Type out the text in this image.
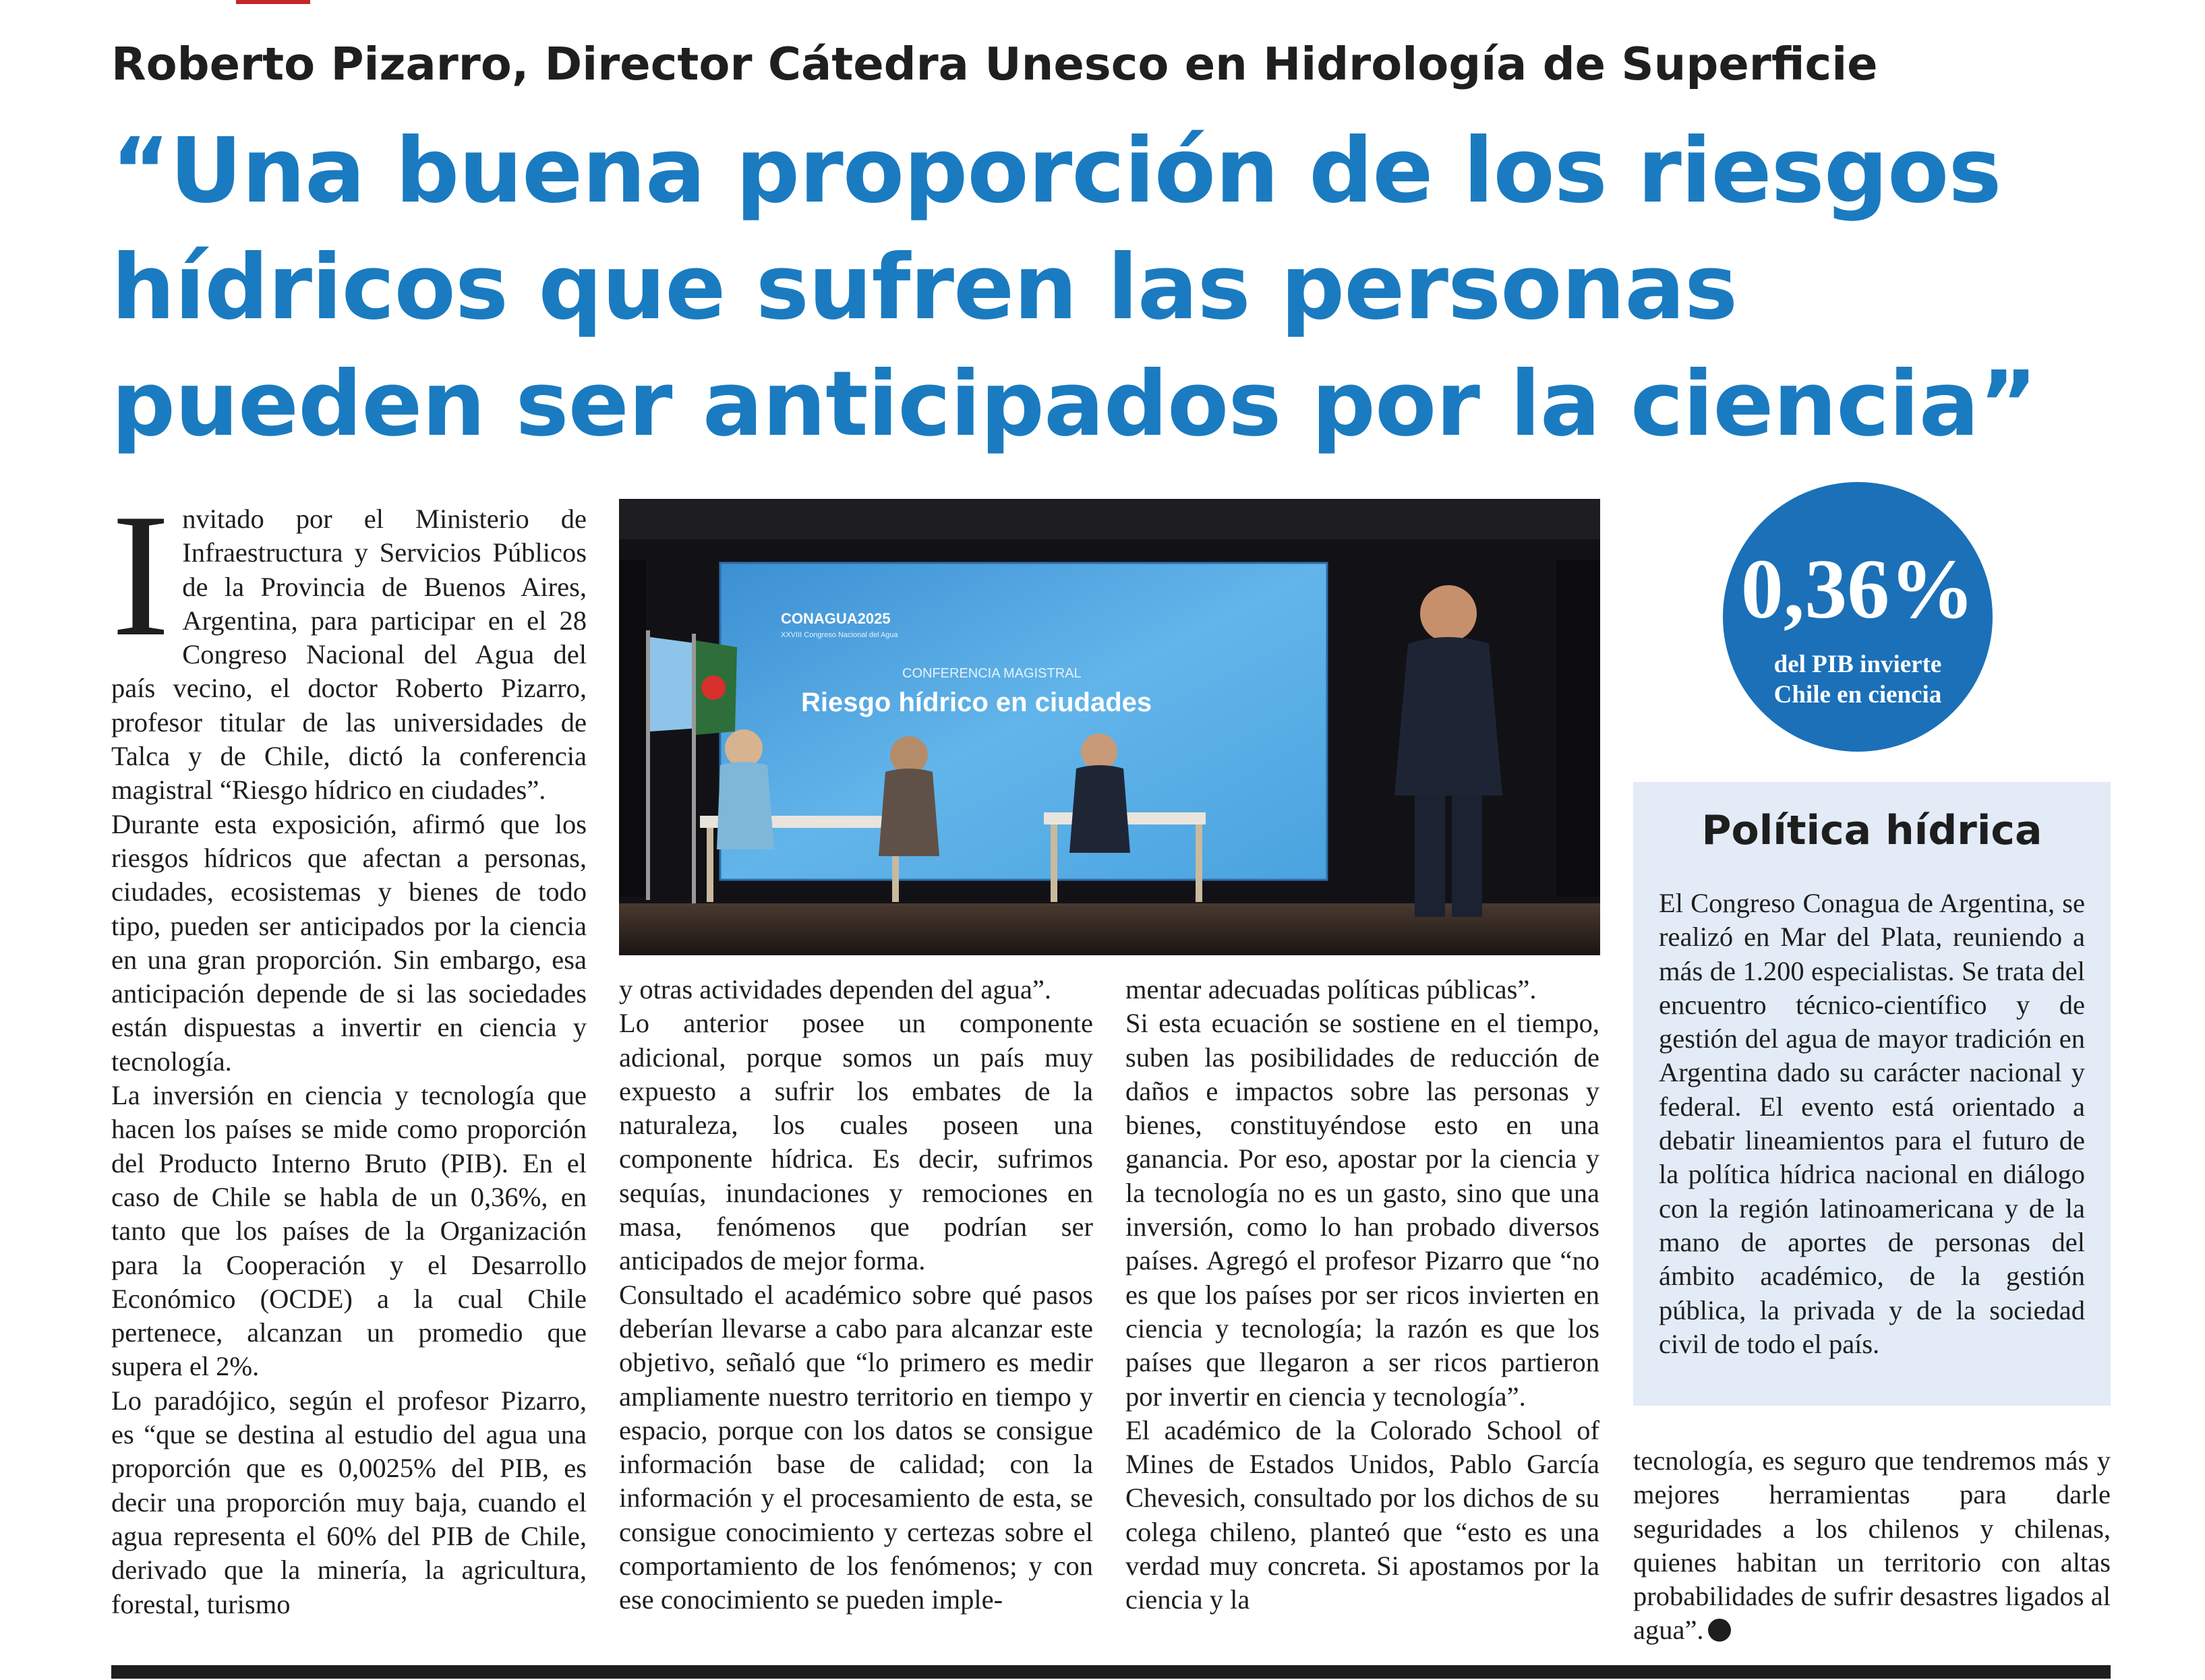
Roberto Pizarro, Director Cátedra Unesco en Hidrología de Superficie
“Una buena proporción de los riesgos
hídricos que sufren las personas
pueden ser anticipados por la ciencia”
I nvitado por el Ministerio de Infraestructura y Servicios Públicos de la Provincia de Buenos Aires, Argentina, para participar en el 28 Congreso Nacional del Agua del país vecino, el doctor Roberto Pizarro, profesor titular de las universidades de Talca y de Chile, dictó la conferencia magistral “Riesgo hídrico en ciudades”.

Durante esta exposición, afirmó que los riesgos hídricos que afectan a personas, ciudades, ecosistemas y bienes de todo tipo, pueden ser anticipados por la ciencia en una gran proporción. Sin embargo, esa anticipación depende de si las sociedades están dispuestas a invertir en ciencia y tecnología.

La inversión en ciencia y tecnología que hacen los países se mide como proporción del Producto Interno Bruto (PIB). En el caso de Chile se habla de un 0,36%, en tanto que los países de la Organización para la Cooperación y el Desarrollo Económico (OCDE) a la cual Chile pertenece, alcanzan un promedio que supera el 2%.

Lo paradójico, según el profesor Pizarro, es “que se destina al estudio del agua una proporción que es 0,0025% del PIB, es decir una proporción muy baja, cuando el agua representa el 60% del PIB de Chile, derivado que la minería, la agricultura, forestal, turismo

CONAGUA2025
XXVIII Congreso Nacional del Agua
CONFERENCIA MAGISTRAL
Riesgo hídrico en ciudades

y otras actividades dependen del agua”.

Lo anterior posee un componente adicional, porque somos un país muy expuesto a sufrir los embates de la naturaleza, los cuales poseen una componente hídrica. Es decir, sufrimos sequías, inundaciones y remociones en masa, fenómenos que podrían ser anticipados de mejor forma.

Consultado el académico sobre qué pasos deberían llevarse a cabo para alcanzar este objetivo, señaló que “lo primero es medir ampliamente nuestro territorio en tiempo y espacio, porque con los datos se consigue información base de calidad; con la información y el procesamiento de esta, se consigue conocimiento y certezas sobre el comportamiento de los fenómenos; y con ese conocimiento se pueden imple-

mentar adecuadas políticas públicas”.

Si esta ecuación se sostiene en el tiempo, suben las posibilidades de reducción de daños e impactos sobre las personas y bienes, constituyéndose esto en una ganancia. Por eso, apostar por la ciencia y la tecnología no es un gasto, sino que una inversión, como lo han probado diversos países. Agregó el profesor Pizarro que “no es que los países por ser ricos invierten en ciencia y tecnología; la razón es que los países que llegaron a ser ricos partieron por invertir en ciencia y tecnología”.

El académico de la Colorado School of Mines de Estados Unidos, Pablo García Chevesich, consultado por los dichos de su colega chileno, planteó que “esto es una verdad muy concreta. Si apostamos por la ciencia y la

0,36%
del PIB invierte
Chile en ciencia
Política hídrica
El Congreso Conagua de Argentina, se realizó en Mar del Plata, reuniendo a más de 1.200 especialistas. Se trata del encuentro técnico-científico y de gestión del agua de mayor tradición en Argentina dado su carácter nacional y federal. El evento está orientado a debatir lineamientos para el futuro de la política hídrica nacional en diálogo con la región latinoamericana y de la mano de aportes de personas del ámbito académico, de la gestión pública, la privada y de la sociedad civil de todo el país.
tecnología, es seguro que tendremos más y mejores herramientas para darle seguridades a los chilenos y chilenas, quienes habitan un territorio con altas probabilidades de sufrir desastres ligados al agua”.
